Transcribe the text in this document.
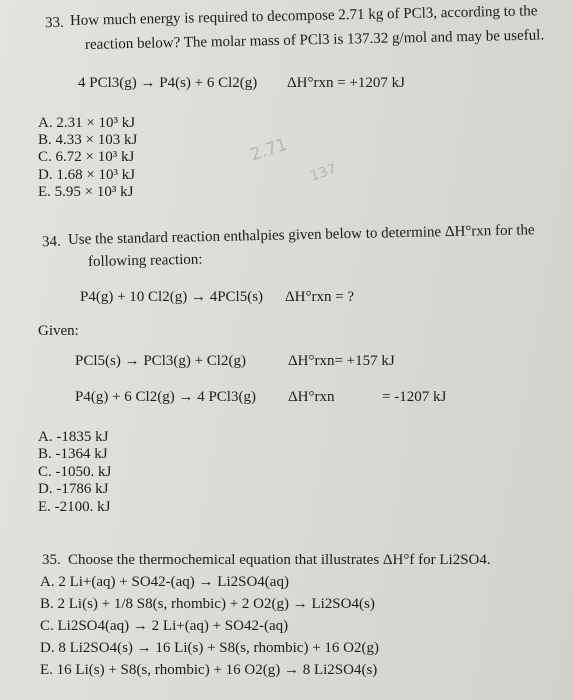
33. How much energy is required to decompose 2.71 kg of PCl3, according to the
reaction below? The molar mass of PCl3 is 137.32 g/mol and may be useful.
4 PCl3(g) → P4(s) + 6 Cl2(g) ΔH°rxn = +1207 kJ
A. 2.31 × 10³ kJ
B. 4.33 × 103 kJ
C. 6.72 × 10³ kJ
D. 1.68 × 10³ kJ
E. 5.95 × 10³ kJ
2.71
137
34. Use the standard reaction enthalpies given below to determine ΔH°rxn for the
following reaction:
P4(g) + 10 Cl2(g) → 4PCl5(s) ΔH°rxn = ?
Given:
PCl5(s) → PCl3(g) + Cl2(g)	ΔH°rxn= +157 kJ
P4(g) + 6 Cl2(g) → 4 PCl3(g) ΔH°rxn	= -1207 kJ
A. -1835 kJ
B. -1364 kJ
C. -1050. kJ
D. -1786 kJ
E. -2100. kJ
35. Choose the thermochemical equation that illustrates ΔH°f for Li2SO4.
A. 2 Li+(aq) + SO42-(aq) → Li2SO4(aq)
B. 2 Li(s) + 1/8 S8(s, rhombic) + 2 O2(g) → Li2SO4(s)
C. Li2SO4(aq) → 2 Li+(aq) + SO42-(aq)
D. 8 Li2SO4(s) → 16 Li(s) + S8(s, rhombic) + 16 O2(g)
E. 16 Li(s) + S8(s, rhombic) + 16 O2(g) → 8 Li2SO4(s)
